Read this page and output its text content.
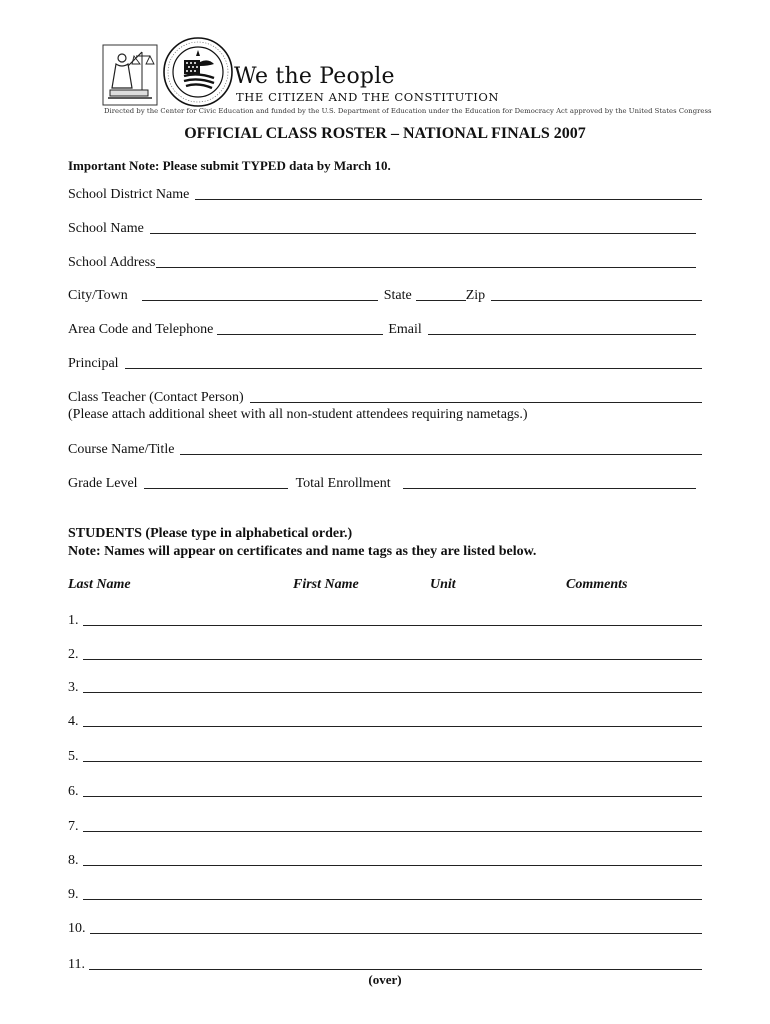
We the People
THE CITIZEN AND THE CONSTITUTION
Directed by the Center for Civic Education and funded by the U.S. Department of Education under the Education for Democracy Act approved by the United States Congress
OFFICIAL CLASS ROSTER – NATIONAL FINALS 2007
Important Note: Please submit TYPED data by March 10.
School District Name
School Name
School Address
City/Town	State	Zip
Area Code and Telephone	Email
Principal
Class Teacher (Contact Person)
(Please attach additional sheet with all non-student attendees requiring nametags.)
Course Name/Title
Grade Level	Total Enrollment
STUDENTS (Please type in alphabetical order.)
Note: Names will appear on certificates and name tags as they are listed below.
Last Name	First Name	Unit	Comments
1.
2.
3.
4.
5.
6.
7.
8.
9.
10.
11.
(over)
